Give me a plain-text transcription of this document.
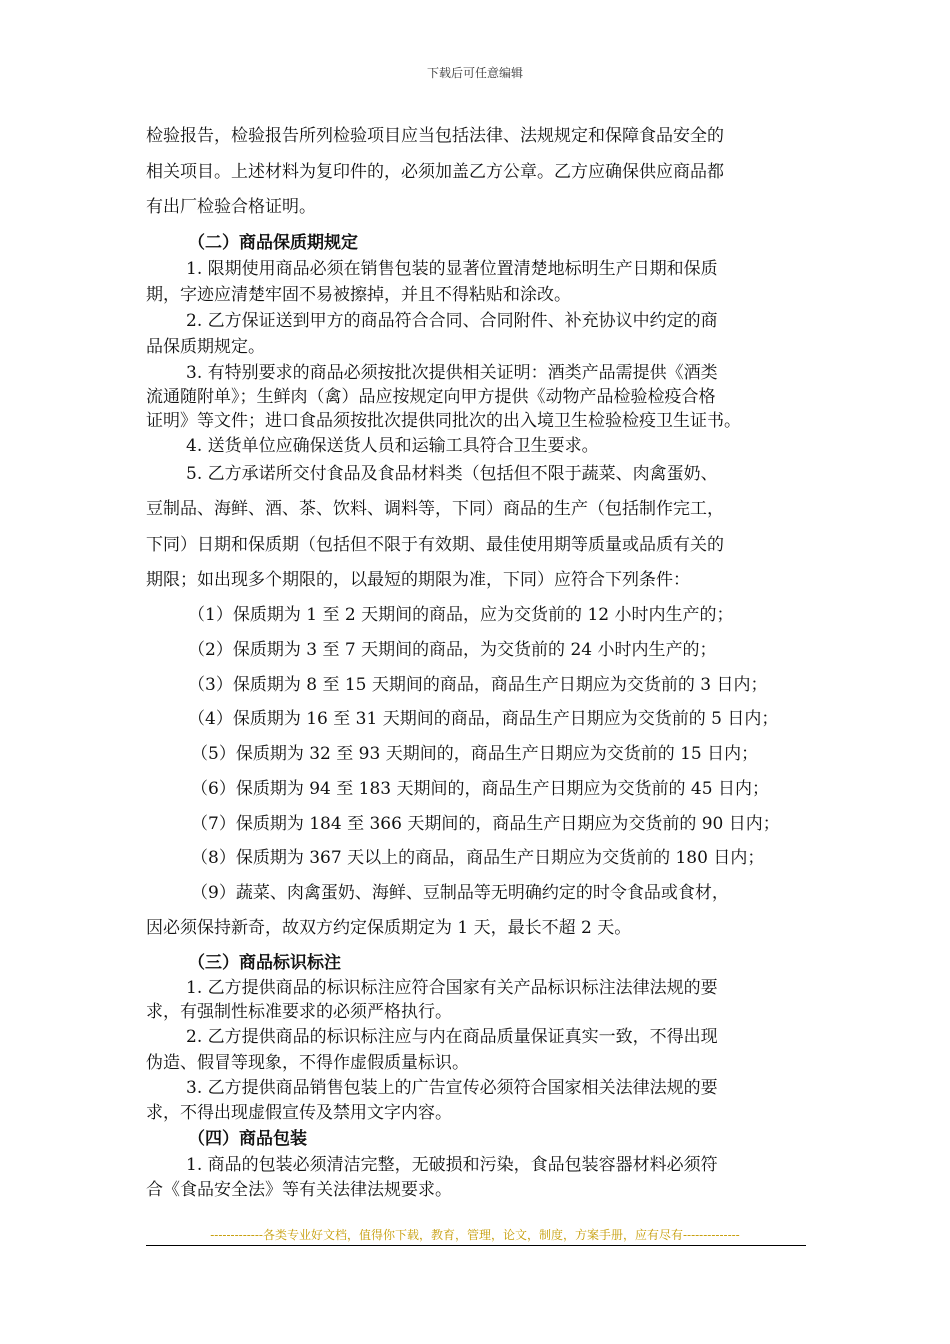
下载后可任意编辑
检验报告，检验报告所列检验项目应当包括法律、法规规定和保障食品安全的
相关项目。上述材料为复印件的，必须加盖乙方公章。乙方应确保供应商品都
有出厂检验合格证明。
（二）商品保质期规定
1. 限期使用商品必须在销售包装的显著位置清楚地标明生产日期和保质
期，字迹应清楚牢固不易被擦掉，并且不得粘贴和涂改。
2. 乙方保证送到甲方的商品符合合同、合同附件、补充协议中约定的商
品保质期规定。
3. 有特别要求的商品必须按批次提供相关证明：酒类产品需提供《酒类
流通随附单》；生鲜肉（禽）品应按规定向甲方提供《动物产品检验检疫合格
证明》等文件；进口食品须按批次提供同批次的出入境卫生检验检疫卫生证书。
4. 送货单位应确保送货人员和运输工具符合卫生要求。
5. 乙方承诺所交付食品及食品材料类（包括但不限于蔬菜、肉禽蛋奶、
豆制品、海鲜、酒、茶、饮料、调料等，下同）商品的生产（包括制作完工，
下同）日期和保质期（包括但不限于有效期、最佳使用期等质量或品质有关的
期限；如出现多个期限的，以最短的期限为准，下同）应符合下列条件：
（1）保质期为 1 至 2 天期间的商品，应为交货前的 12 小时内生产的；
（2）保质期为 3 至 7 天期间的商品，为交货前的 24 小时内生产的；
（3）保质期为 8 至 15 天期间的商品，商品生产日期应为交货前的 3 日内；
（4）保质期为 16 至 31 天期间的商品，商品生产日期应为交货前的 5 日内；
（5）保质期为 32 至 93 天期间的，商品生产日期应为交货前的 15 日内；
（6）保质期为 94 至 183 天期间的，商品生产日期应为交货前的 45 日内；
（7）保质期为 184 至 366 天期间的，商品生产日期应为交货前的 90 日内；
（8）保质期为 367 天以上的商品，商品生产日期应为交货前的 180 日内；
（9）蔬菜、肉禽蛋奶、海鲜、豆制品等无明确约定的时令食品或食材，
因必须保持新奇，故双方约定保质期定为 1 天，最长不超 2 天。
（三）商品标识标注
1. 乙方提供商品的标识标注应符合国家有关产品标识标注法律法规的要
求，有强制性标准要求的必须严格执行。
2. 乙方提供商品的标识标注应与内在商品质量保证真实一致，不得出现
伪造、假冒等现象，不得作虚假质量标识。
3. 乙方提供商品销售包装上的广告宣传必须符合国家相关法律法规的要
求，不得出现虚假宣传及禁用文字内容。
（四）商品包装
1. 商品的包装必须清洁完整，无破损和污染，食品包装容器材料必须符
合《食品安全法》等有关法律法规要求。
-------------各类专业好文档，值得你下载，教育，管理，论文，制度，方案手册，应有尽有--------------
